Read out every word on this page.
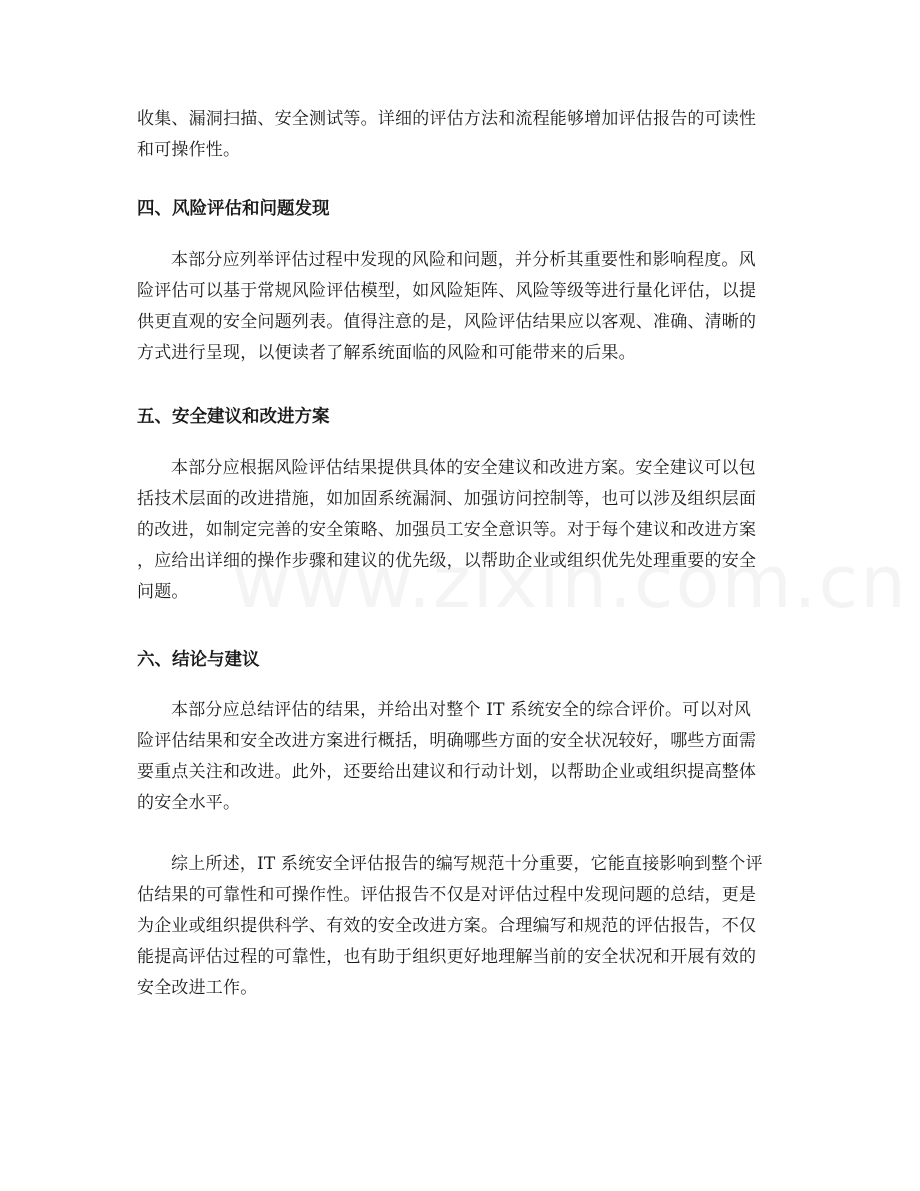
收集、漏洞扫描、安全测试等。详细的评估方法和流程能够增加评估报告的可读性
和可操作性。
四、风险评估和问题发现
本部分应列举评估过程中发现的风险和问题，并分析其重要性和影响程度。风
险评估可以基于常规风险评估模型，如风险矩阵、风险等级等进行量化评估，以提
供更直观的安全问题列表。值得注意的是，风险评估结果应以客观、准确、清晰的
方式进行呈现，以便读者了解系统面临的风险和可能带来的后果。
五、安全建议和改进方案
本部分应根据风险评估结果提供具体的安全建议和改进方案。安全建议可以包
括技术层面的改进措施，如加固系统漏洞、加强访问控制等，也可以涉及组织层面
的改进，如制定完善的安全策略、加强员工安全意识等。对于每个建议和改进方案
，应给出详细的操作步骤和建议的优先级，以帮助企业或组织优先处理重要的安全
问题。
六、结论与建议
本部分应总结评估的结果，并给出对整个 IT 系统安全的综合评价。可以对风
险评估结果和安全改进方案进行概括，明确哪些方面的安全状况较好，哪些方面需
要重点关注和改进。此外，还要给出建议和行动计划，以帮助企业或组织提高整体
的安全水平。
综上所述，IT 系统安全评估报告的编写规范十分重要，它能直接影响到整个评
估结果的可靠性和可操作性。评估报告不仅是对评估过程中发现问题的总结，更是
为企业或组织提供科学、有效的安全改进方案。合理编写和规范的评估报告，不仅
能提高评估过程的可靠性，也有助于组织更好地理解当前的安全状况和开展有效的
安全改进工作。
